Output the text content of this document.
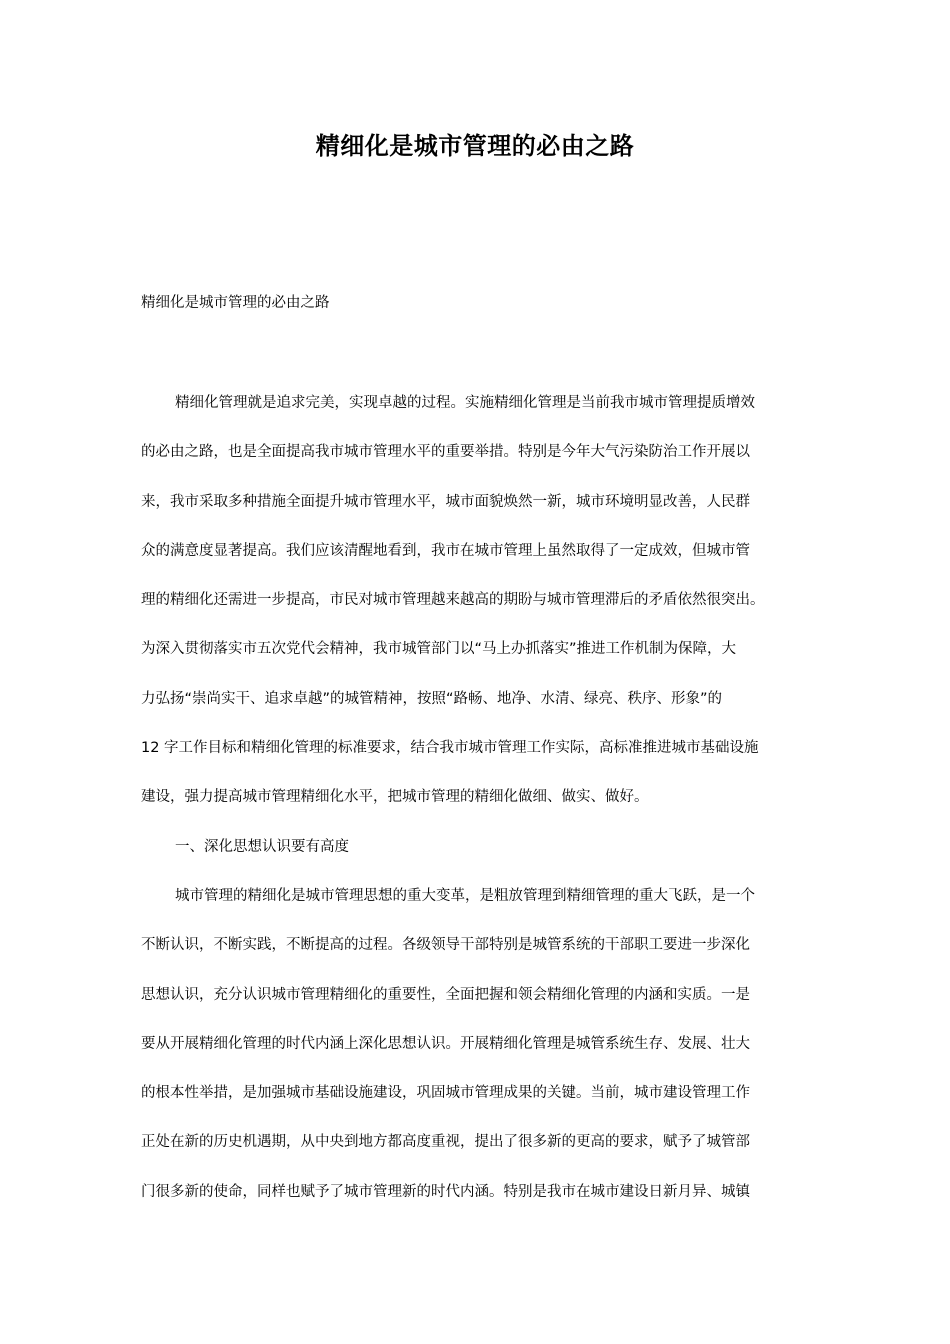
精细化是城市管理的必由之路
精细化是城市管理的必由之路
精细化管理就是追求完美，实现卓越的过程。实施精细化管理是当前我市城市管理提质增效
的必由之路，也是全面提高我市城市管理水平的重要举措。特别是今年大气污染防治工作开展以
来，我市采取多种措施全面提升城市管理水平，城市面貌焕然一新，城市环境明显改善，人民群
众的满意度显著提高。我们应该清醒地看到，我市在城市管理上虽然取得了一定成效，但城市管
理的精细化还需进一步提高，市民对城市管理越来越高的期盼与城市管理滞后的矛盾依然很突出。
为深入贯彻落实市五次党代会精神，我市城管部门以“马上办抓落实”推进工作机制为保障，大
力弘扬“崇尚实干、追求卓越”的城管精神，按照“路畅、地净、水清、绿亮、秩序、形象”的
12 字工作目标和精细化管理的标准要求，结合我市城市管理工作实际，高标准推进城市基础设施
建设，强力提高城市管理精细化水平，把城市管理的精细化做细、做实、做好。
一、深化思想认识要有高度
城市管理的精细化是城市管理思想的重大变革，是粗放管理到精细管理的重大飞跃，是一个
不断认识，不断实践，不断提高的过程。各级领导干部特别是城管系统的干部职工要进一步深化
思想认识，充分认识城市管理精细化的重要性，全面把握和领会精细化管理的内涵和实质。一是
要从开展精细化管理的时代内涵上深化思想认识。开展精细化管理是城管系统生存、发展、壮大
的根本性举措，是加强城市基础设施建设，巩固城市管理成果的关键。当前，城市建设管理工作
正处在新的历史机遇期，从中央到地方都高度重视，提出了很多新的更高的要求，赋予了城管部
门很多新的使命，同样也赋予了城市管理新的时代内涵。特别是我市在城市建设日新月异、城镇
